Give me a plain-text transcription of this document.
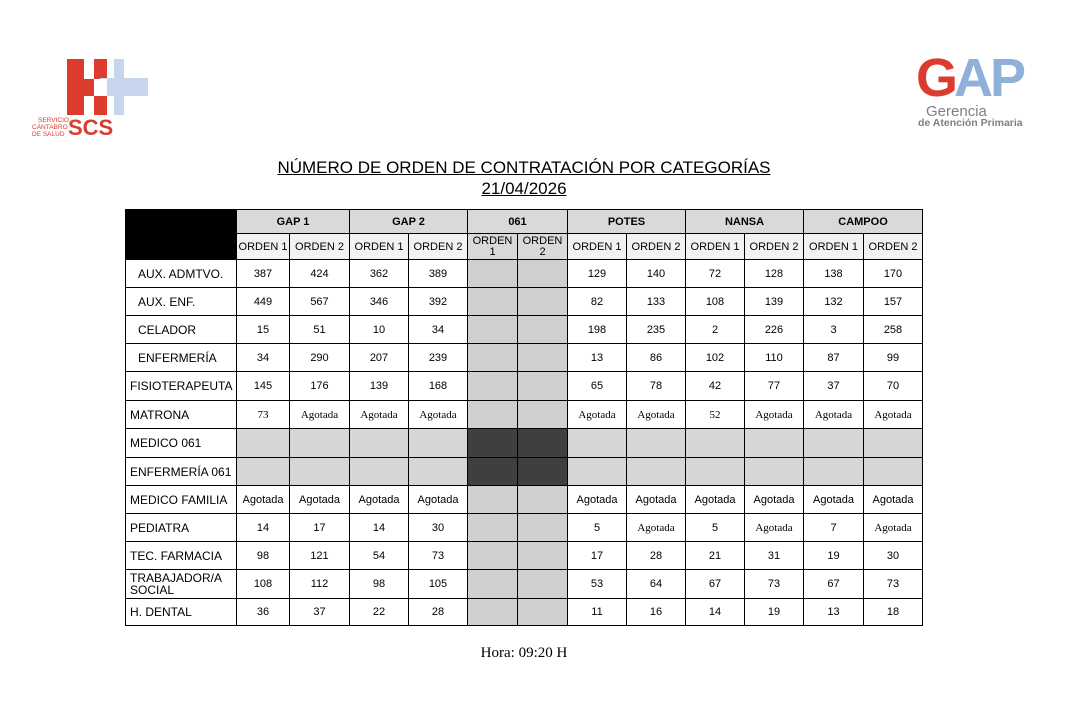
SERVICIO
CÁNTABRO
DE SALUD SCS
G A P
Gerencia
de Atención Primaria
NÚMERO DE ORDEN DE CONTRATACIÓN POR CATEGORÍAS
21/04/2026
	GAP 1		GAP 2		061		POTES		NANSA		CAMPOO	
	ORDEN 1	ORDEN 2	ORDEN 1	ORDEN 2	ORDEN
1	ORDEN
2	ORDEN 1	ORDEN 2	ORDEN 1	ORDEN 2	ORDEN 1	ORDEN 2
AUX. ADMTVO.	387	424	362	389			129	140	72	128	138	170
AUX. ENF.	449	567	346	392			82	133	108	139	132	157
CELADOR	15	51	10	34			198	235	2	226	3	258
ENFERMERÍA	34	290	207	239			13	86	102	110	87	99
FISIOTERAPEUTA	145	176	139	168			65	78	42	77	37	70
MATRONA	73	Agotada	Agotada	Agotada			Agotada	Agotada	52	Agotada	Agotada	Agotada
MEDICO 061												
ENFERMERÍA 061												
MEDICO FAMILIA	Agotada	Agotada	Agotada	Agotada			Agotada	Agotada	Agotada	Agotada	Agotada	Agotada
PEDIATRA	14	17	14	30			5	Agotada	5	Agotada	7	Agotada
TEC. FARMACIA	98	121	54	73			17	28	21	31	19	30
TRABAJADOR/A SOCIAL	108	112	98	105			53	64	67	73	67	73
H. DENTAL	36	37	22	28			11	16	14	19	13	18
Hora: 09:20 H
